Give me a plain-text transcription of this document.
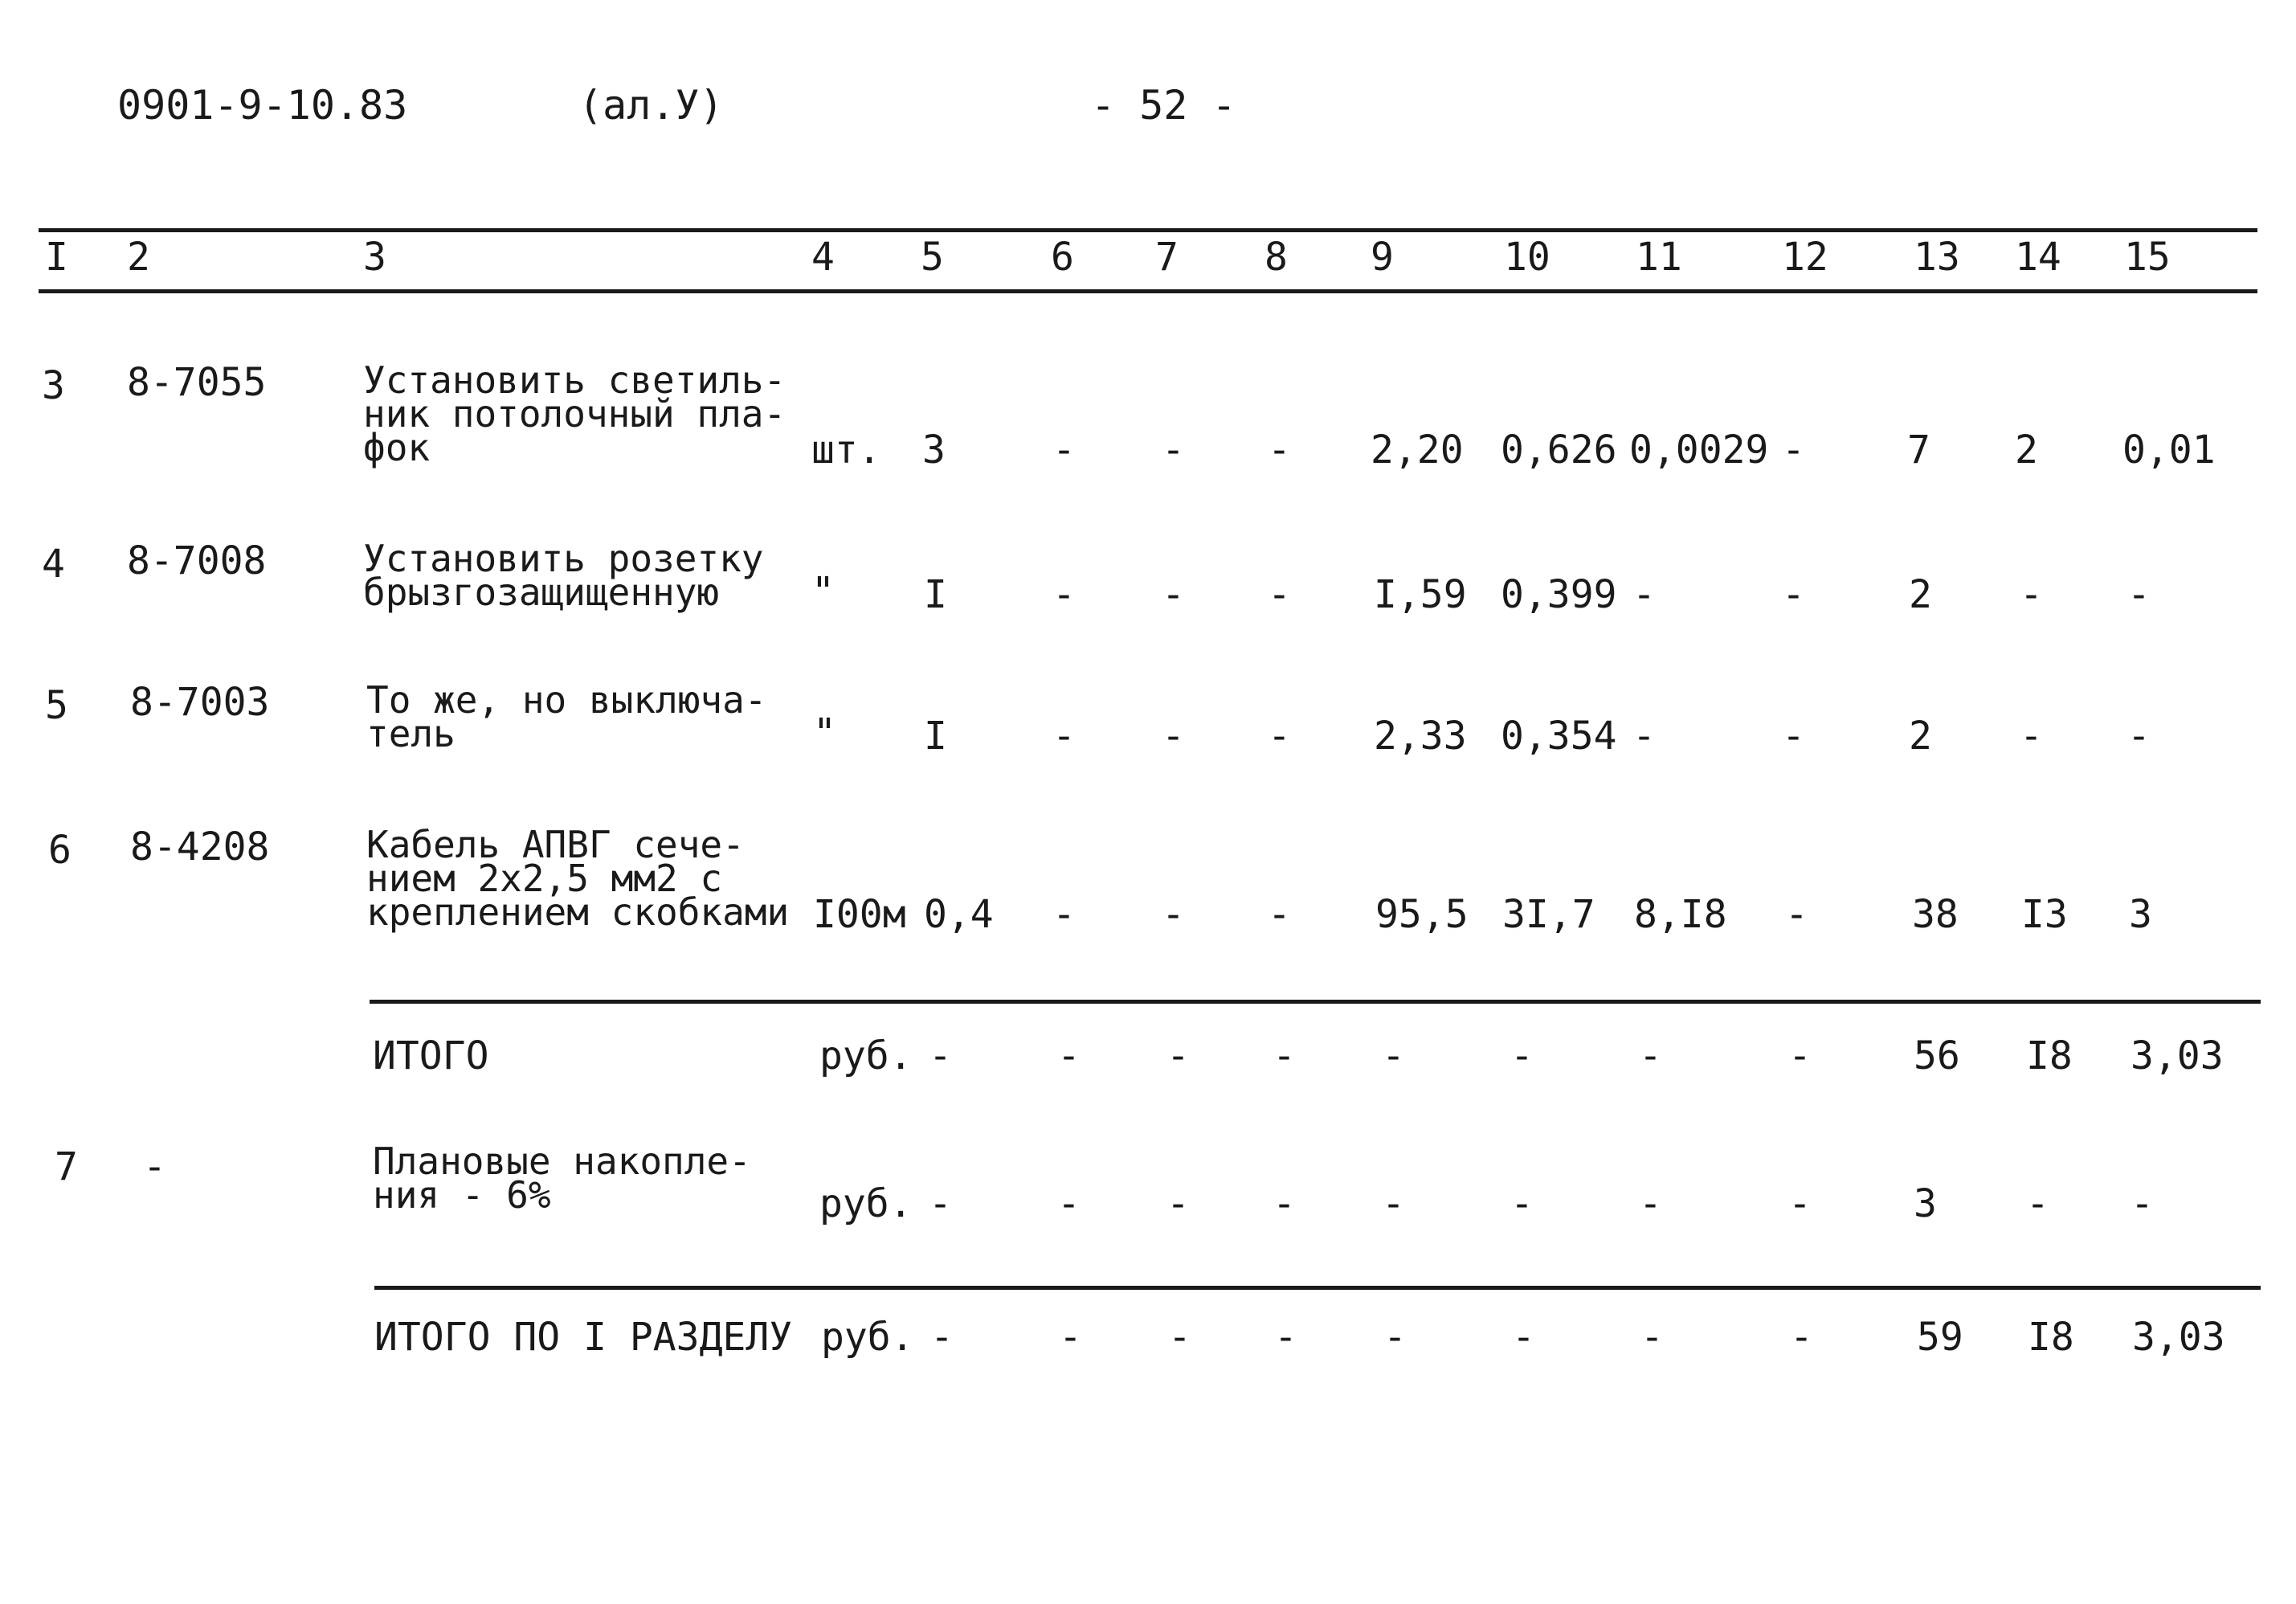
0901-9-10.83	(ал.У)	- 52 -
I 2	3	4 5	6 7 8 9	10 11	12 13 14 15
3 8-7055	Установить светиль-
ник потолочный пла-
фок	шт. 3	- - - 2,20 0,626 0,0029 -	7 2 0,01
4 8-7008	Установить розетку
брызгозащищенную	" I	- - - I,59 0,399 -	-	2 - -
5 8-7003	То же, но выключа-
тель	" I	- - - 2,33 0,354 -	-	2 - -
6 8-4208	Кабель АПВГ сече-
нием 2х2,5 мм2 с
креплением скобками I00м 0,4 - - - 95,5 3I,7 8,I8 -	38 I3 3
ИТОГО	руб. -	- - - -	-	-	-	56 I8 3,03
7 -	Плановые накопле-
ния - 6%	руб. -	- - - -	-	-	-	3 - -
ИТОГО ПО I РАЗДЕЛУ руб. -	- - - -	-	-	-	59 I8 3,03
